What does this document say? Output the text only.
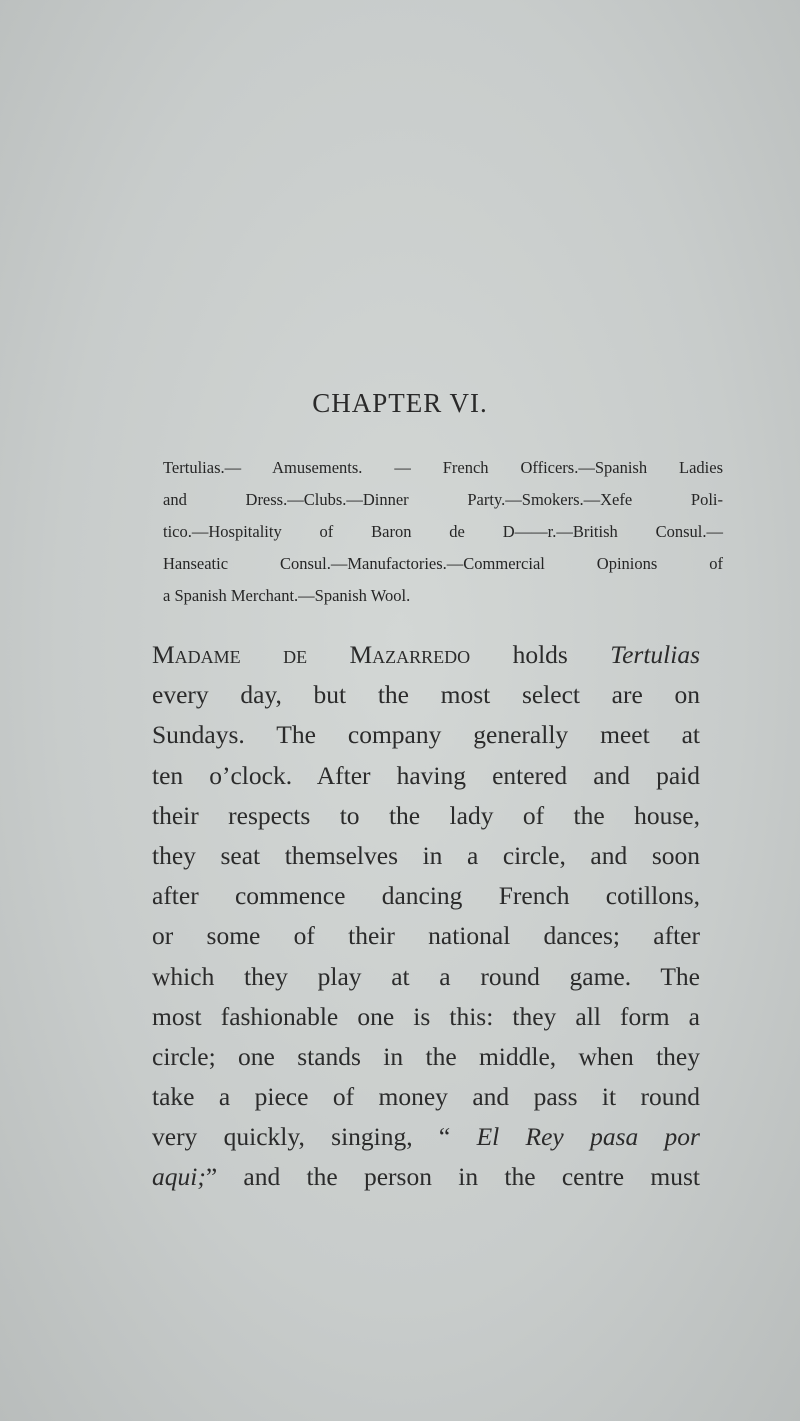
CHAPTER VI.
Tertulias.— Amusements. — French Officers.—Spanish Ladies
and Dress.—Clubs.—Dinner Party.—Smokers.—Xefe Poli-
tico.—Hospitality of Baron de D——r.—British Consul.—
Hanseatic Consul.—Manufactories.—Commercial Opinions of
a Spanish Merchant.—Spanish Wool.
Madame de Mazarredo holds Tertulias
every day, but the most select are on
Sundays. The company generally meet at
ten o’clock. After having entered and paid
their respects to the lady of the house,
they seat themselves in a circle, and soon
after commence dancing French cotillons,
or some of their national dances; after
which they play at a round game. The
most fashionable one is this: they all form a
circle; one stands in the middle, when they
take a piece of money and pass it round
very quickly, singing, “ El Rey pasa por
aqui;” and the person in the centre must
